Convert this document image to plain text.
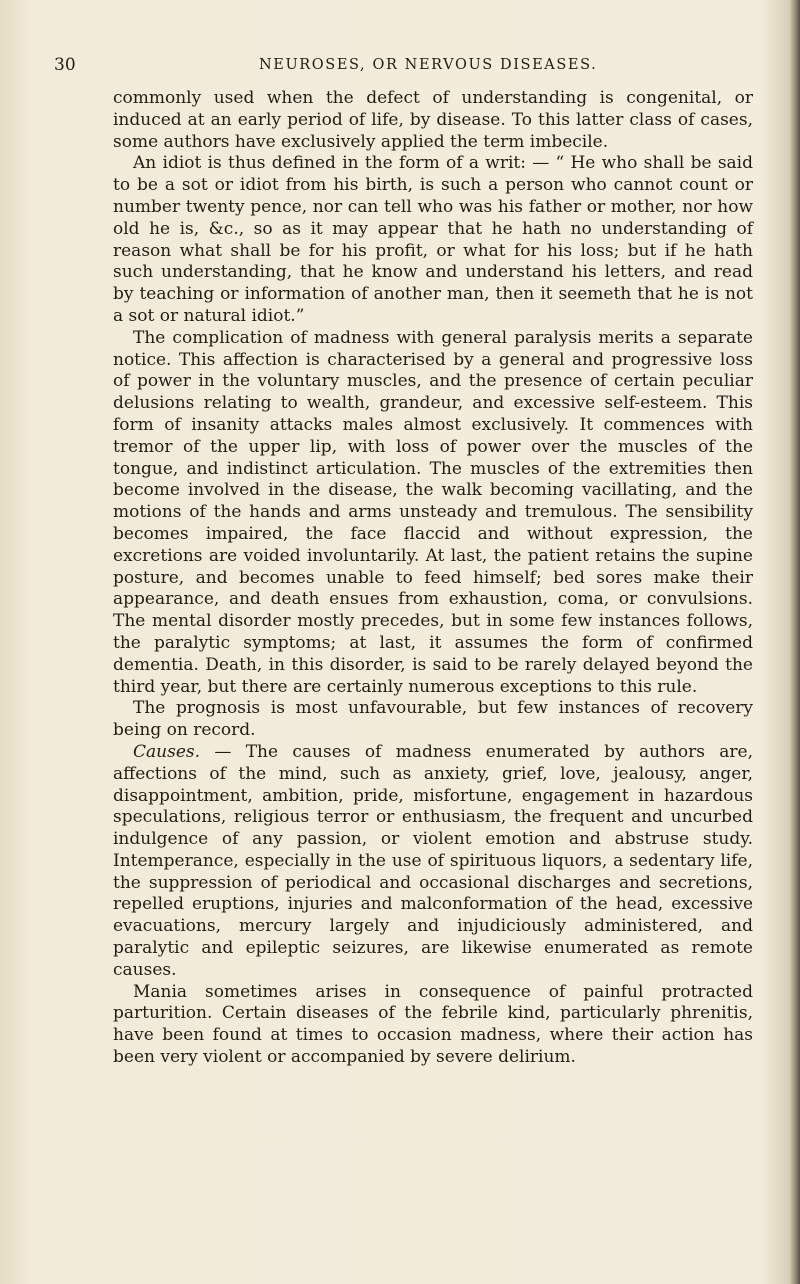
30	NEUROSES, OR NERVOUS DISEASES.

commonly used when the defect of understanding is congenital, or induced at an early period of life, by disease. To this latter class of cases, some authors have exclusively applied the term imbecile.

An idiot is thus defined in the form of a writ: — “ He who shall be said to be a sot or idiot from his birth, is such a person who cannot count or number twenty pence, nor can tell who was his father or mother, nor how old he is, &c., so as it may appear that he hath no understanding of reason what shall be for his profit, or what for his loss; but if he hath such understanding, that he know and understand his letters, and read by teaching or information of another man, then it seemeth that he is not a sot or natural idiot.”

The complication of madness with general paralysis merits a separate notice. This affection is characterised by a general and progressive loss of power in the voluntary muscles, and the presence of certain peculiar delusions relating to wealth, grandeur, and excessive self-esteem. This form of insanity attacks males almost exclusively. It commences with tremor of the upper lip, with loss of power over the muscles of the tongue, and indistinct articulation. The muscles of the extremities then become involved in the disease, the walk becoming vacillating, and the motions of the hands and arms unsteady and tremulous. The sensibility becomes impaired, the face flaccid and without expression, the excretions are voided involuntarily. At last, the patient retains the supine posture, and becomes unable to feed himself; bed sores make their appearance, and death ensues from exhaustion, coma, or convulsions. The mental disorder mostly precedes, but in some few instances follows, the paralytic symptoms; at last, it assumes the form of confirmed dementia. Death, in this disorder, is said to be rarely delayed beyond the third year, but there are certainly numerous exceptions to this rule.

The prognosis is most unfavourable, but few instances of recovery being on record.

Causes. — The causes of madness enumerated by authors are, affections of the mind, such as anxiety, grief, love, jealousy, anger, disappointment, ambition, pride, misfortune, engagement in hazardous speculations, religious terror or enthusiasm, the frequent and uncurbed indulgence of any passion, or violent emotion and abstruse study. Intemperance, especially in the use of spirituous liquors, a sedentary life, the suppression of periodical and occasional discharges and secretions, repelled eruptions, injuries and malconformation of the head, excessive evacuations, mercury largely and injudiciously administered, and paralytic and epileptic seizures, are likewise enumerated as remote causes.

Mania sometimes arises in consequence of painful protracted parturition. Certain diseases of the febrile kind, particularly phrenitis, have been found at times to occasion madness, where their action has been very violent or accompanied by severe delirium.
